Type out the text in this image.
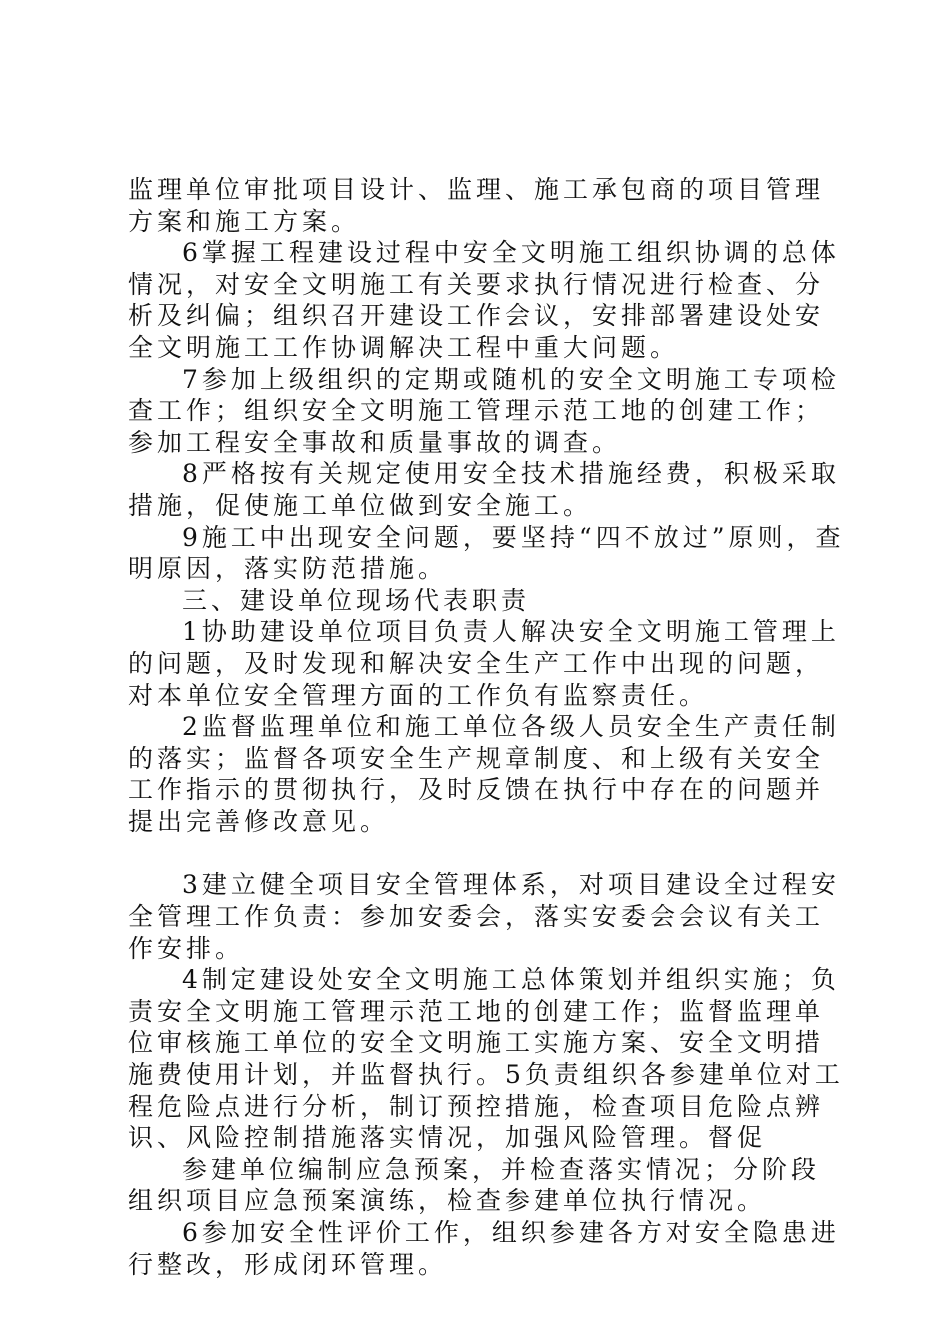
监理单位审批项目设计、监理、施工承包商的项目管理方案和施工方案。

6掌握工程建设过程中安全文明施工组织协调的总体情况，对安全文明施工有关要求执行情况进行检查、分析及纠偏；组织召开建设工作会议，安排部署建设处安全文明施工工作协调解决工程中重大问题。

7参加上级组织的定期或随机的安全文明施工专项检查工作；组织安全文明施工管理示范工地的创建工作；参加工程安全事故和质量事故的调查。

8严格按有关规定使用安全技术措施经费，积极采取措施，促使施工单位做到安全施工。

9施工中出现安全问题，要坚持“四不放过”原则，查明原因，落实防范措施。

三、建设单位现场代表职责

1协助建设单位项目负责人解决安全文明施工管理上的问题，及时发现和解决安全生产工作中出现的问题，对本单位安全管理方面的工作负有监察责任。

2监督监理单位和施工单位各级人员安全生产责任制的落实；监督各项安全生产规章制度、和上级有关安全工作指示的贯彻执行，及时反馈在执行中存在的问题并提出完善修改意见。

3建立健全项目安全管理体系，对项目建设全过程安全管理工作负责：参加安委会，落实安委会会议有关工作安排。

4制定建设处安全文明施工总体策划并组织实施；负责安全文明施工管理示范工地的创建工作；监督监理单位审核施工单位的安全文明施工实施方案、安全文明措施费使用计划，并监督执行。5负责组织各参建单位对工程危险点进行分析，制订预控措施，检查项目危险点辨识、风险控制措施落实情况，加强风险管理。督促

参建单位编制应急预案，并检查落实情况；分阶段组织项目应急预案演练，检查参建单位执行情况。

6参加安全性评价工作，组织参建各方对安全隐患进行整改，形成闭环管理。
